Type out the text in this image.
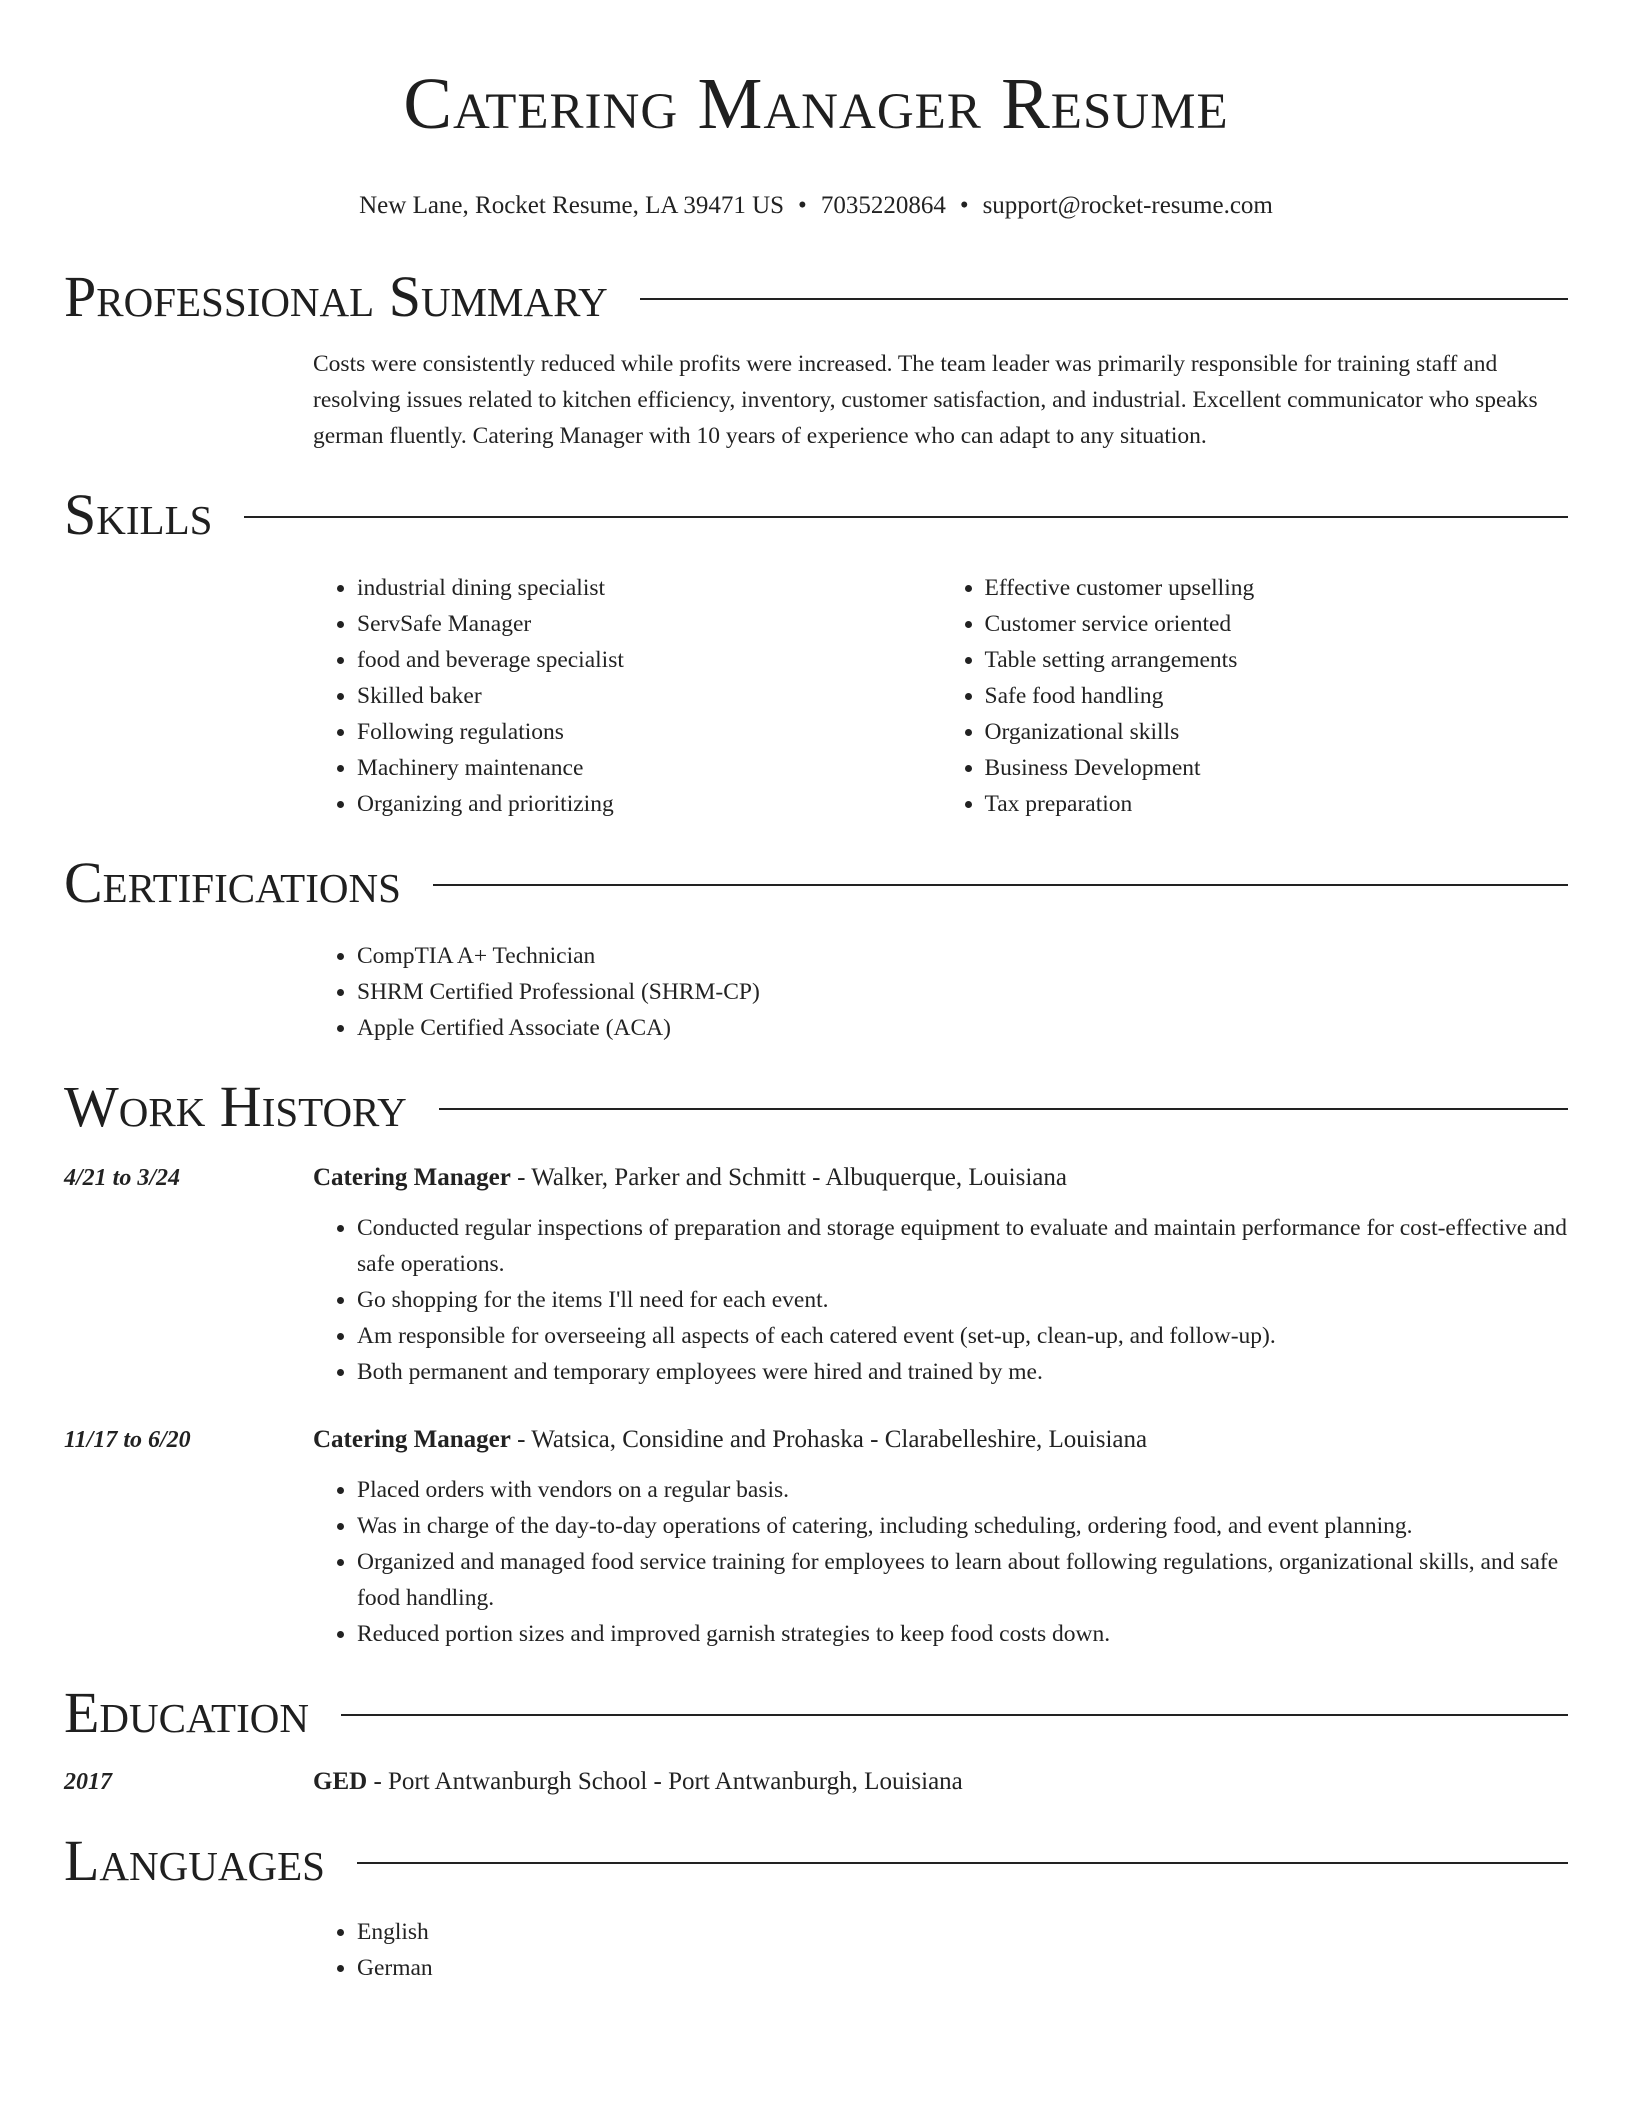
Catering Manager Resume
New Lane, Rocket Resume, LA 39471 US • 7035220864 • support@rocket-resume.com
Professional Summary
Costs were consistently reduced while profits were increased. The team leader was primarily responsible for training staff and resolving issues related to kitchen efficiency, inventory, customer satisfaction, and industrial. Excellent communicator who speaks german fluently. Catering Manager with 10 years of experience who can adapt to any situation.
Skills
• industrial dining specialist
• ServSafe Manager
• food and beverage specialist
• Skilled baker
• Following regulations
• Machinery maintenance
• Organizing and prioritizing
• Effective customer upselling
• Customer service oriented
• Table setting arrangements
• Safe food handling
• Organizational skills
• Business Development
• Tax preparation
Certifications
• CompTIA A+ Technician
• SHRM Certified Professional (SHRM-CP)
• Apple Certified Associate (ACA)
Work History
4/21 to 3/24	Catering Manager - Walker, Parker and Schmitt - Albuquerque, Louisiana
• Conducted regular inspections of preparation and storage equipment to evaluate and maintain performance for cost-effective and safe operations.
• Go shopping for the items I'll need for each event.
• Am responsible for overseeing all aspects of each catered event (set-up, clean-up, and follow-up).
• Both permanent and temporary employees were hired and trained by me.
11/17 to 6/20	Catering Manager - Watsica, Considine and Prohaska - Clarabelleshire, Louisiana
• Placed orders with vendors on a regular basis.
• Was in charge of the day-to-day operations of catering, including scheduling, ordering food, and event planning.
• Organized and managed food service training for employees to learn about following regulations, organizational skills, and safe food handling.
• Reduced portion sizes and improved garnish strategies to keep food costs down.
Education
2017	GED - Port Antwanburgh School - Port Antwanburgh, Louisiana
Languages
• English
• German
